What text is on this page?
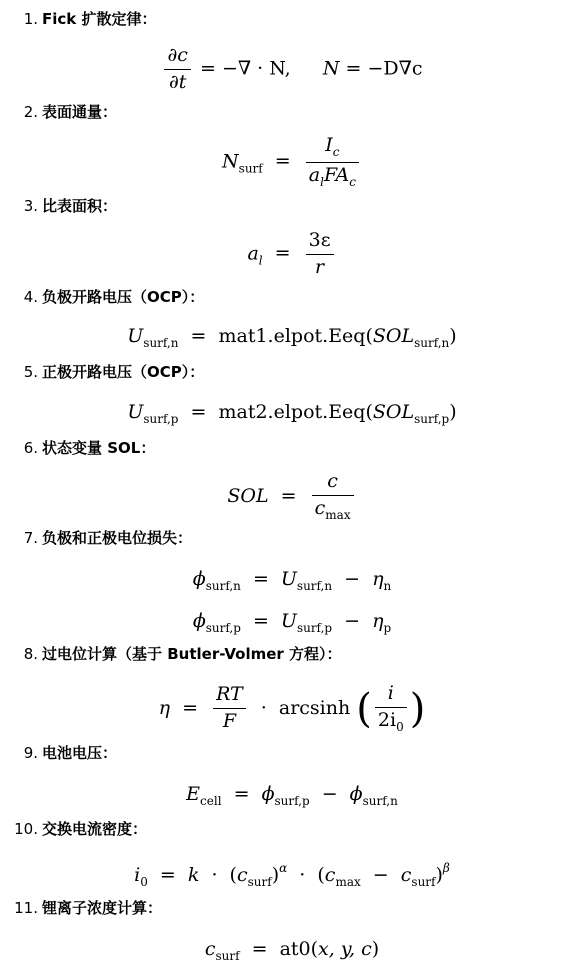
1. Fick 扩散定律：
2. 表面通量：
3. 比表面积：
4. 负极开路电压（OCP）：
5. 正极开路电压（OCP）：
6. 状态变量 SOL：
7. 负极和正极电位损失：
8. 过电位计算（基于 Butler-Volmer 方程）：
9. 电池电压：
10. 交换电流密度：
11. 锂离子浓度计算：
$\frac{\partial c}{\partial t}$ = −∇ · N, N = −D∇c
$N_{surf} = \frac{I_c}{a_lFA_c}$
$a_l = \frac{3\varepsilon}{r}$
$U_{surf,n}$ = $mat1.elpot.Eeq(SOL_{surf,n})$
$U_{surf,p}$ = $mat2.elpot.Eeq(SOL_{surf,p})$
SOL = $\frac{c}{c_{max}}$
$\phi_{surf,n} = U_{surf,n} - \eta_n$
$\phi_{surf,p} = U_{surf,p} - \eta_p$
$\eta = \frac{RT}{F} \cdot \arcsin h$ ( $\frac{i}{2i_0}$ )
$E_{cell} = \phi_{surf,p} - \phi_{surf,n}$
$i_0 = k \cdot (c_{surf})^\alpha \cdot (c_{max} - c_{surf})^\beta$
$c_{surf} = at0(x$, y, c)
